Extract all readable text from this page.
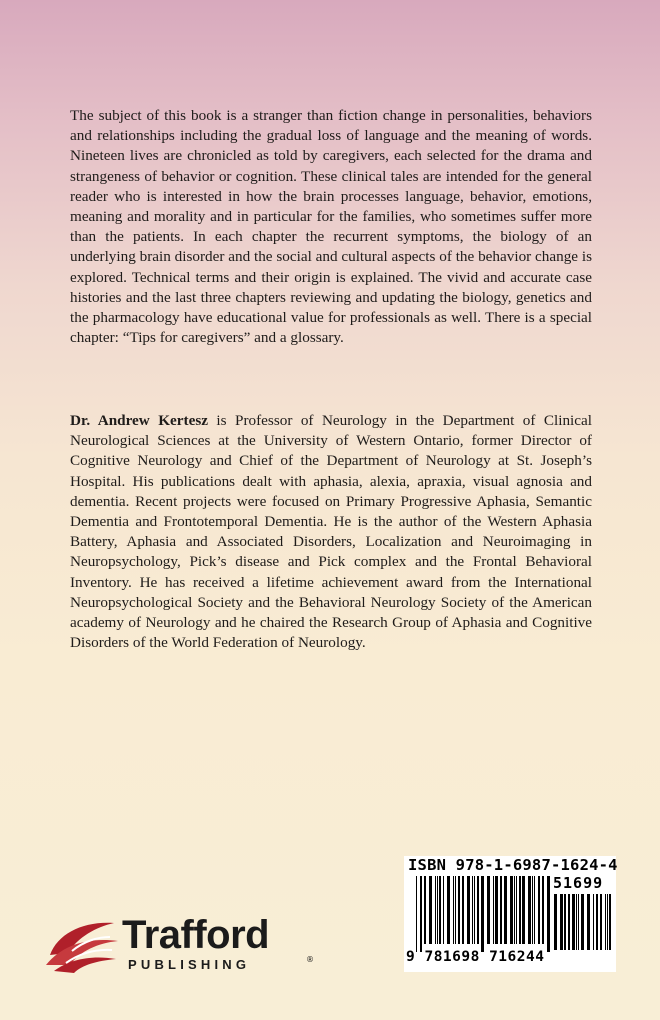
The subject of this book is a stranger than fiction change in personalities, behaviors and relationships including the gradual loss of language and the meaning of words. Nineteen lives are chronicled as told by caregivers, each selected for the drama and strangeness of behavior or cognition. These clinical tales are intended for the general reader who is interested in how the brain processes language, behavior, emotions, meaning and morality and in particular for the families, who sometimes suffer more than the patients. In each chapter the recurrent symptoms, the biology of an underlying brain disorder and the social and cultural aspects of the behavior change is explored. Technical terms and their origin is explained. The vivid and accurate case histories and the last three chapters reviewing and updating the biology, genetics and the pharmacology have educational value for professionals as well. There is a special chapter: “Tips for caregivers” and a glossary.

Dr. Andrew Kertesz is Professor of Neurology in the Department of Clinical Neurological Sciences at the University of Western Ontario, former Director of Cognitive Neurology and Chief of the Department of Neurology at St. Joseph’s Hospital. His publications dealt with aphasia, alexia, apraxia, visual agnosia and dementia. Recent projects were focused on Primary Progressive Aphasia, Semantic Dementia and Frontotemporal Dementia. He is the author of the Western Aphasia Battery, Aphasia and Associated Disorders, Localization and Neuroimaging in Neuropsychology, Pick’s disease and Pick complex and the Frontal Behavioral Inventory. He has received a lifetime achievement award from the International Neuropsychological Society and the Behavioral Neurology Society of the American academy of Neurology and he chaired the Research Group of Aphasia and Cognitive Disorders of the World Federation of Neurology.

ISBN 978-1-6987-1624-4
51699
9 781698 716244
Trafford
PUBLISHING	®
